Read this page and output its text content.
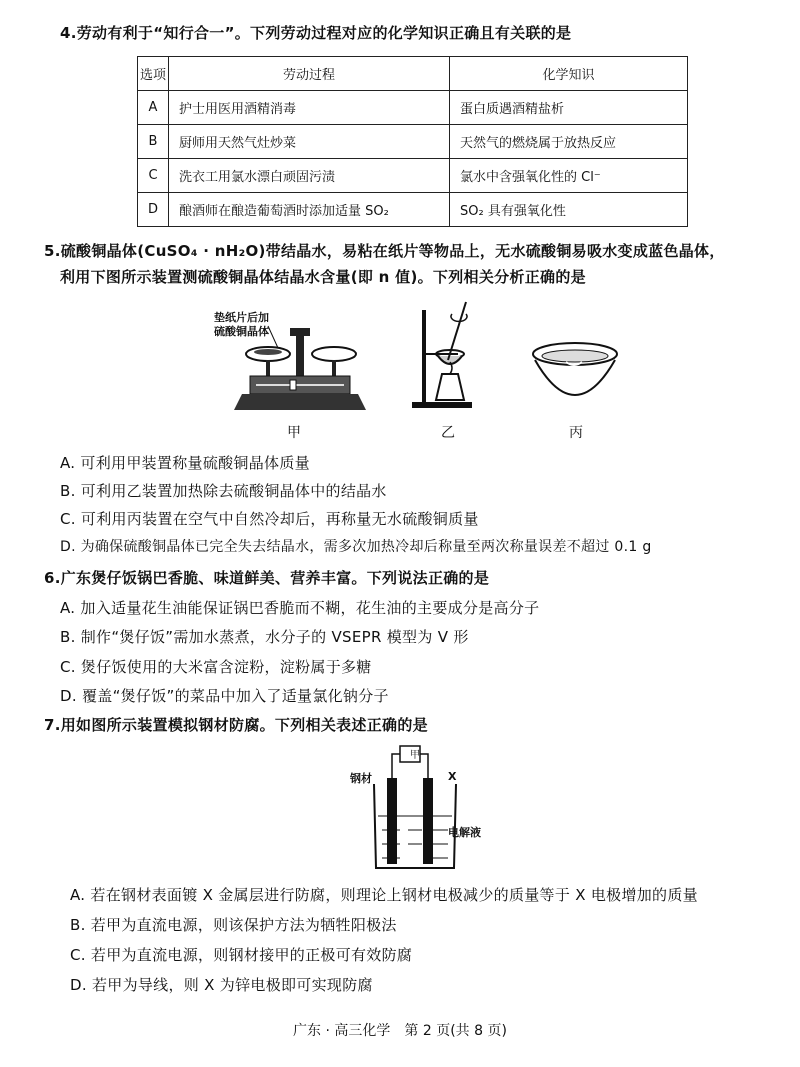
4.劳动有利于“知行合一”。下列劳动过程对应的化学知识正确且有关联的是
选项	劳动过程	化学知识
A	护士用医用酒精消毒	蛋白质遇酒精盐析
B	厨师用天然气灶炒菜	天然气的燃烧属于放热反应
C	洗衣工用氯水漂白顽固污渍	氯水中含强氧化性的 Cl⁻
D	酿酒师在酿造葡萄酒时添加适量 SO₂	SO₂ 具有强氧化性
5.硫酸铜晶体(CuSO₄ · nH₂O)带结晶水，易粘在纸片等物品上，无水硫酸铜易吸水变成蓝色晶体，
利用下图所示装置测硫酸铜晶体结晶水含量(即 n 值)。下列相关分析正确的是
垫纸片后加
硫酸铜晶体
甲	乙	丙
A. 可利用甲装置称量硫酸铜晶体质量
B. 可利用乙装置加热除去硫酸铜晶体中的结晶水
C. 可利用丙装置在空气中自然冷却后，再称量无水硫酸铜质量
D. 为确保硫酸铜晶体已完全失去结晶水，需多次加热冷却后称量至两次称量误差不超过 0.1 g
6.广东煲仔饭锅巴香脆、味道鲜美、营养丰富。下列说法正确的是
A. 加入适量花生油能保证锅巴香脆而不糊，花生油的主要成分是高分子
B. 制作“煲仔饭”需加水蒸煮，水分子的 VSEPR 模型为 V 形
C. 煲仔饭使用的大米富含淀粉，淀粉属于多糖
D. 覆盖“煲仔饭”的菜品中加入了适量氯化钠分子
7.用如图所示装置模拟钢材防腐。下列相关表述正确的是
甲
钢材	X
电解液
A. 若在钢材表面镀 X 金属层进行防腐，则理论上钢材电极减少的质量等于 X 电极增加的质量
B. 若甲为直流电源，则该保护方法为牺牲阳极法
C. 若甲为直流电源，则钢材接甲的正极可有效防腐
D. 若甲为导线，则 X 为锌电极即可实现防腐
广东 · 高三化学　第 2 页(共 8 页)
